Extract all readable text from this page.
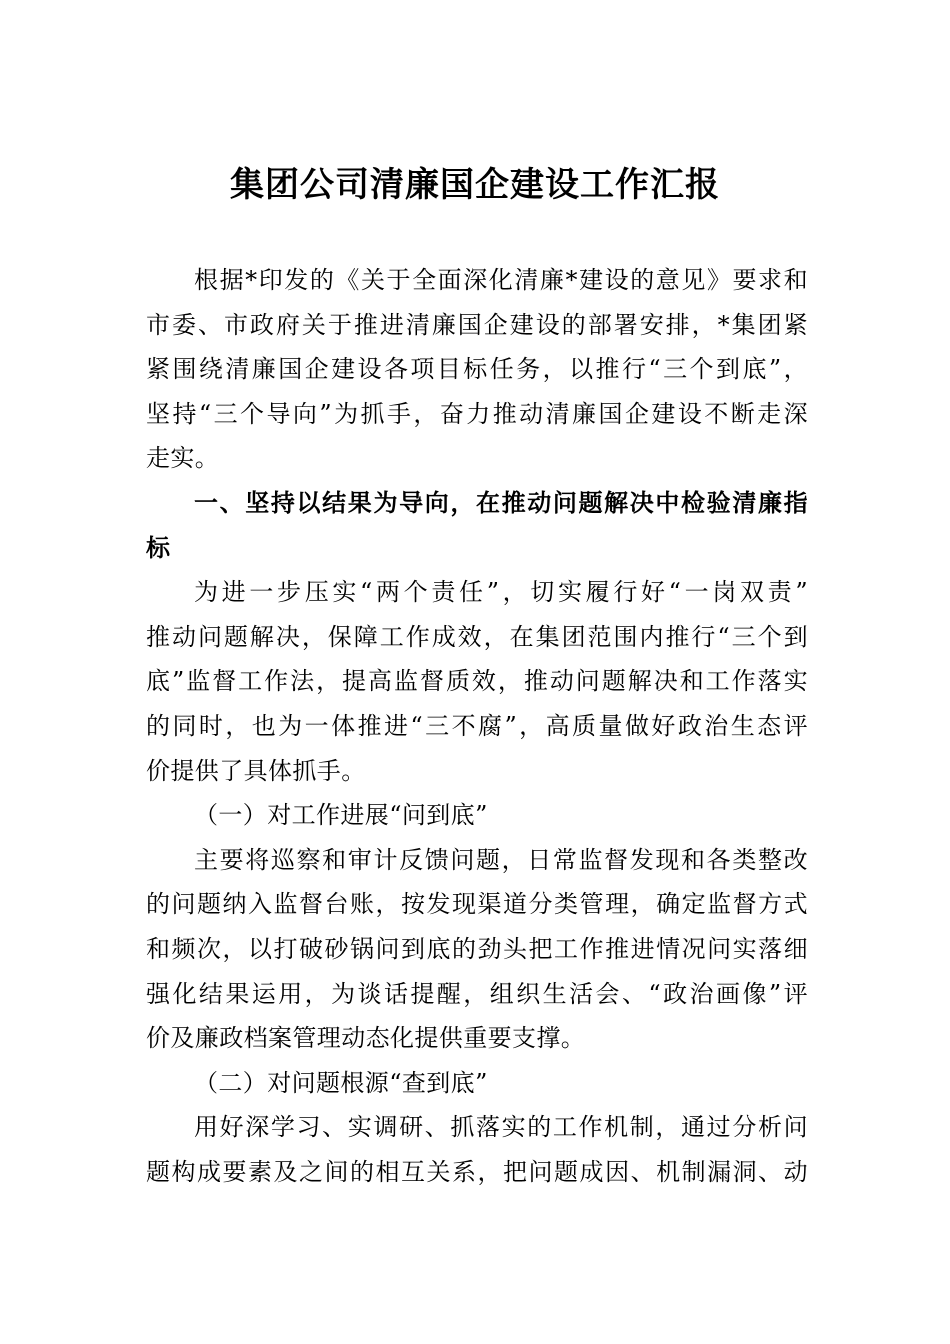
集团公司清廉国企建设工作汇报
根据*印发的《关于全面深化清廉*建设的意见》要求和
市委、市政府关于推进清廉国企建设的部署安排，*集团紧
紧围绕清廉国企建设各项目标任务，以推行“三个到底”，
坚持“三个导向”为抓手，奋力推动清廉国企建设不断走深
走实。
一、坚持以结果为导向，在推动问题解决中检验清廉指
标
为进一步压实“两个责任”，切实履行好“一岗双责”
推动问题解决，保障工作成效，在集团范围内推行“三个到
底”监督工作法，提高监督质效，推动问题解决和工作落实
的同时，也为一体推进“三不腐”，高质量做好政治生态评
价提供了具体抓手。
（一）对工作进展“问到底”
主要将巡察和审计反馈问题，日常监督发现和各类整改
的问题纳入监督台账，按发现渠道分类管理，确定监督方式
和频次，以打破砂锅问到底的劲头把工作推进情况问实落细
强化结果运用，为谈话提醒，组织生活会、“政治画像”评
价及廉政档案管理动态化提供重要支撑。
（二）对问题根源“查到底”
用好深学习、实调研、抓落实的工作机制，通过分析问
题构成要素及之间的相互关系，把问题成因、机制漏洞、动
